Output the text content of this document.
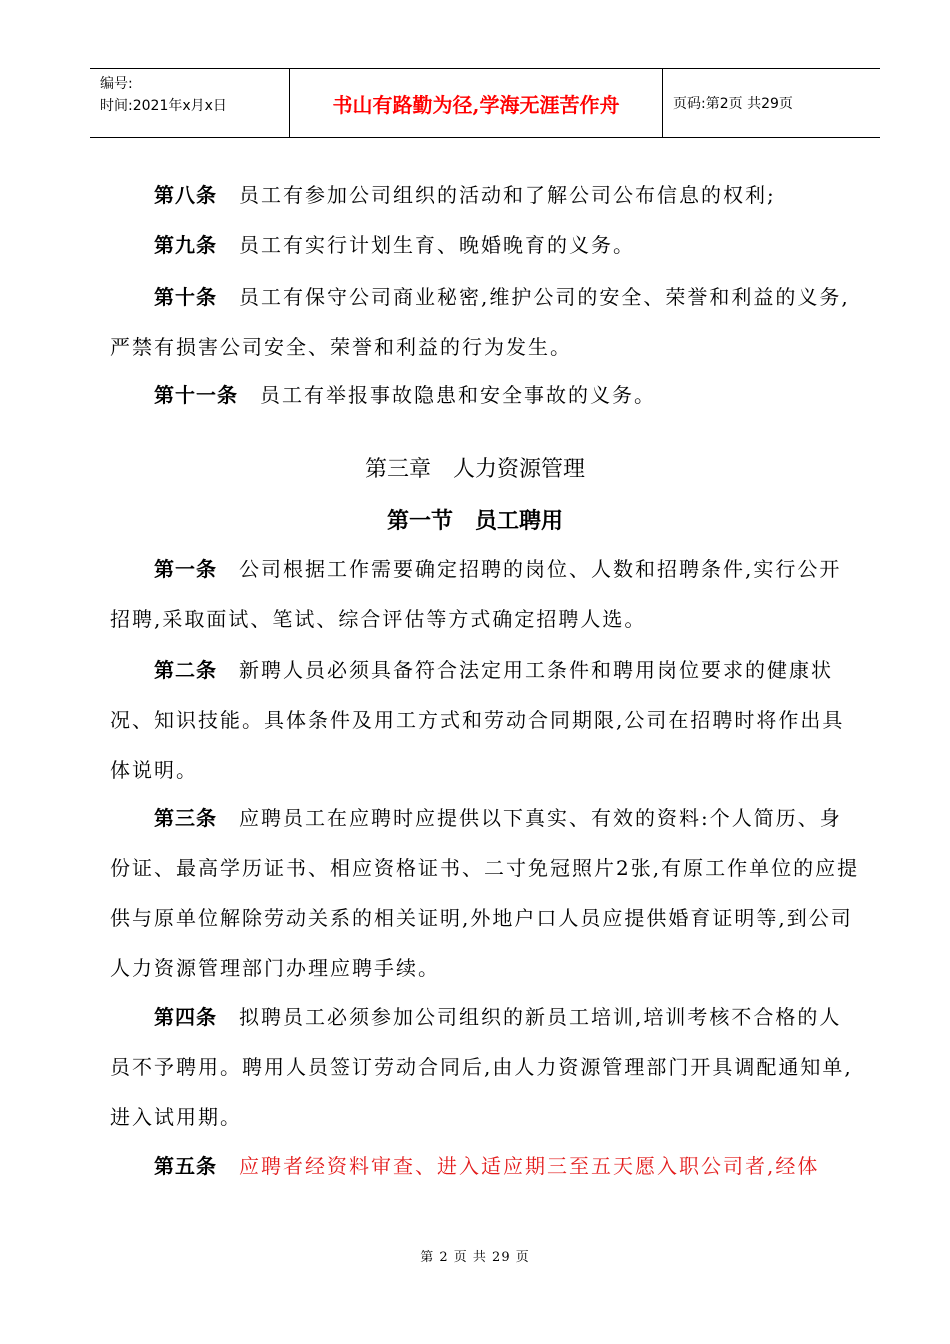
编号:
时间:2021年x月x日	书山有路勤为径,学海无涯苦作舟	页码:第2页 共29页

第八条 员工有参加公司组织的活动和了解公司公布信息的权利;

第九条 员工有实行计划生育、晚婚晚育的义务。

第十条 员工有保守公司商业秘密,维护公司的安全、荣誉和利益的义务,严禁有损害公司安全、荣誉和利益的行为发生。

第十一条 员工有举报事故隐患和安全事故的义务。

第三章　人力资源管理

第一节　员工聘用

第一条 公司根据工作需要确定招聘的岗位、人数和招聘条件,实行公开招聘,采取面试、笔试、综合评估等方式确定招聘人选。

第二条 新聘人员必须具备符合法定用工条件和聘用岗位要求的健康状况、知识技能。具体条件及用工方式和劳动合同期限,公司在招聘时将作出具体说明。

第三条 应聘员工在应聘时应提供以下真实、有效的资料:个人简历、身份证、最高学历证书、相应资格证书、二寸免冠照片2张,有原工作单位的应提供与原单位解除劳动关系的相关证明,外地户口人员应提供婚育证明等,到公司人力资源管理部门办理应聘手续。

第四条 拟聘员工必须参加公司组织的新员工培训,培训考核不合格的人员不予聘用。聘用人员签订劳动合同后,由人力资源管理部门开具调配通知单,进入试用期。

第五条 应聘者经资料审查、进入适应期三至五天愿入职公司者,经体

第 2 页 共 29 页
